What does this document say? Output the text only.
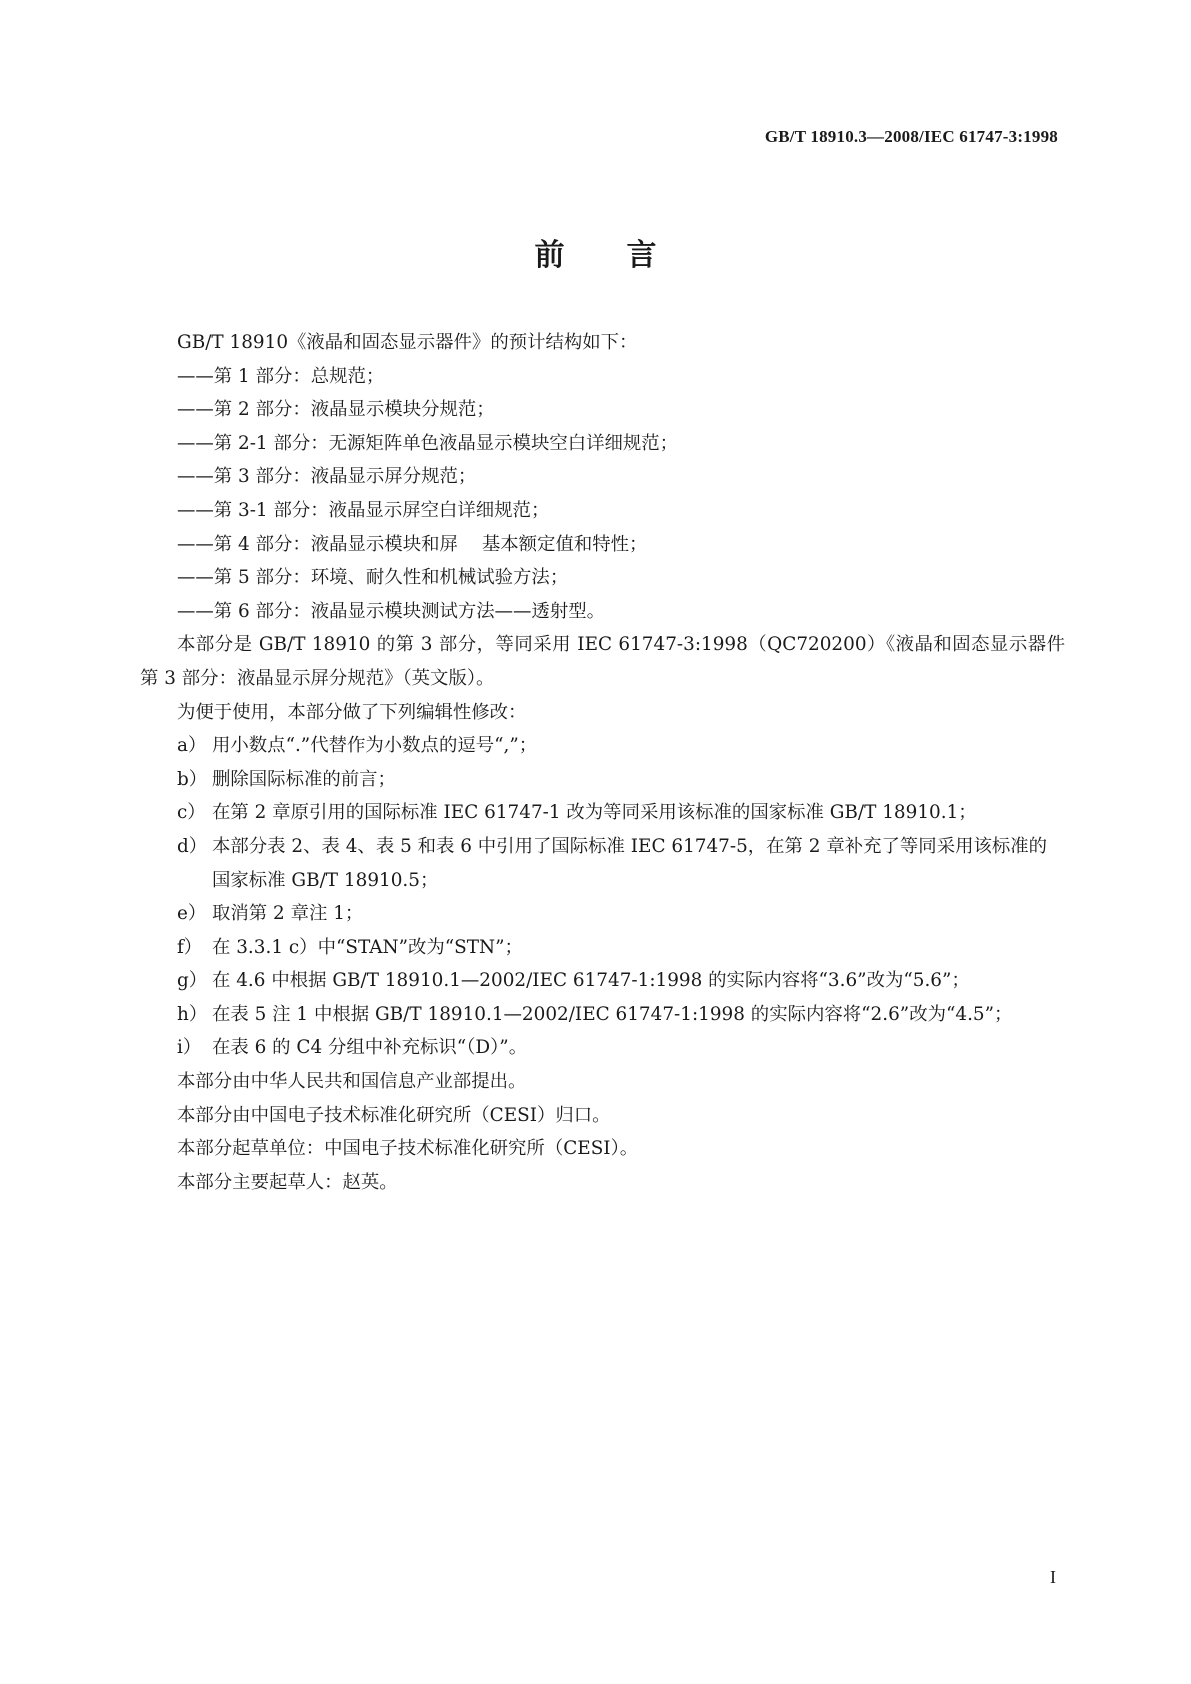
GB/T 18910.3—2008/IEC 61747-3:1998
前 言
GB/T 18910《液晶和固态显示器件》的预计结构如下：
——第 1 部分：总规范；
——第 2 部分：液晶显示模块分规范；
——第 2-1 部分：无源矩阵单色液晶显示模块空白详细规范；
——第 3 部分：液晶显示屏分规范；
——第 3-1 部分：液晶显示屏空白详细规范；
——第 4 部分：液晶显示模块和屏 基本额定值和特性；
——第 5 部分：环境、耐久性和机械试验方法；
——第 6 部分：液晶显示模块测试方法——透射型。
本部分是 GB/T 18910 的第 3 部分，等同采用 IEC 61747-3:1998（QC720200）《液晶和固态显示器件　第 3 部分：液晶显示屏分规范》（英文版）。
为便于使用，本部分做了下列编辑性修改：
a） 用小数点“.”代替作为小数点的逗号“,”；
b） 删除国际标准的前言；
c） 在第 2 章原引用的国际标准 IEC 61747-1 改为等同采用该标准的国家标准 GB/T 18910.1；
d） 本部分表 2、表 4、表 5 和表 6 中引用了国际标准 IEC 61747-5，在第 2 章补充了等同采用该标准的国家标准 GB/T 18910.5；
e） 取消第 2 章注 1；
f） 在 3.3.1 c）中“STAN”改为“STN”；
g） 在 4.6 中根据 GB/T 18910.1—2002/IEC 61747-1:1998 的实际内容将“3.6”改为“5.6”；
h） 在表 5 注 1 中根据 GB/T 18910.1—2002/IEC 61747-1:1998 的实际内容将“2.6”改为“4.5”；
i） 在表 6 的 C4 分组中补充标识“（D）”。
本部分由中华人民共和国信息产业部提出。
本部分由中国电子技术标准化研究所（CESI）归口。
本部分起草单位：中国电子技术标准化研究所（CESI）。
本部分主要起草人：赵英。
I
